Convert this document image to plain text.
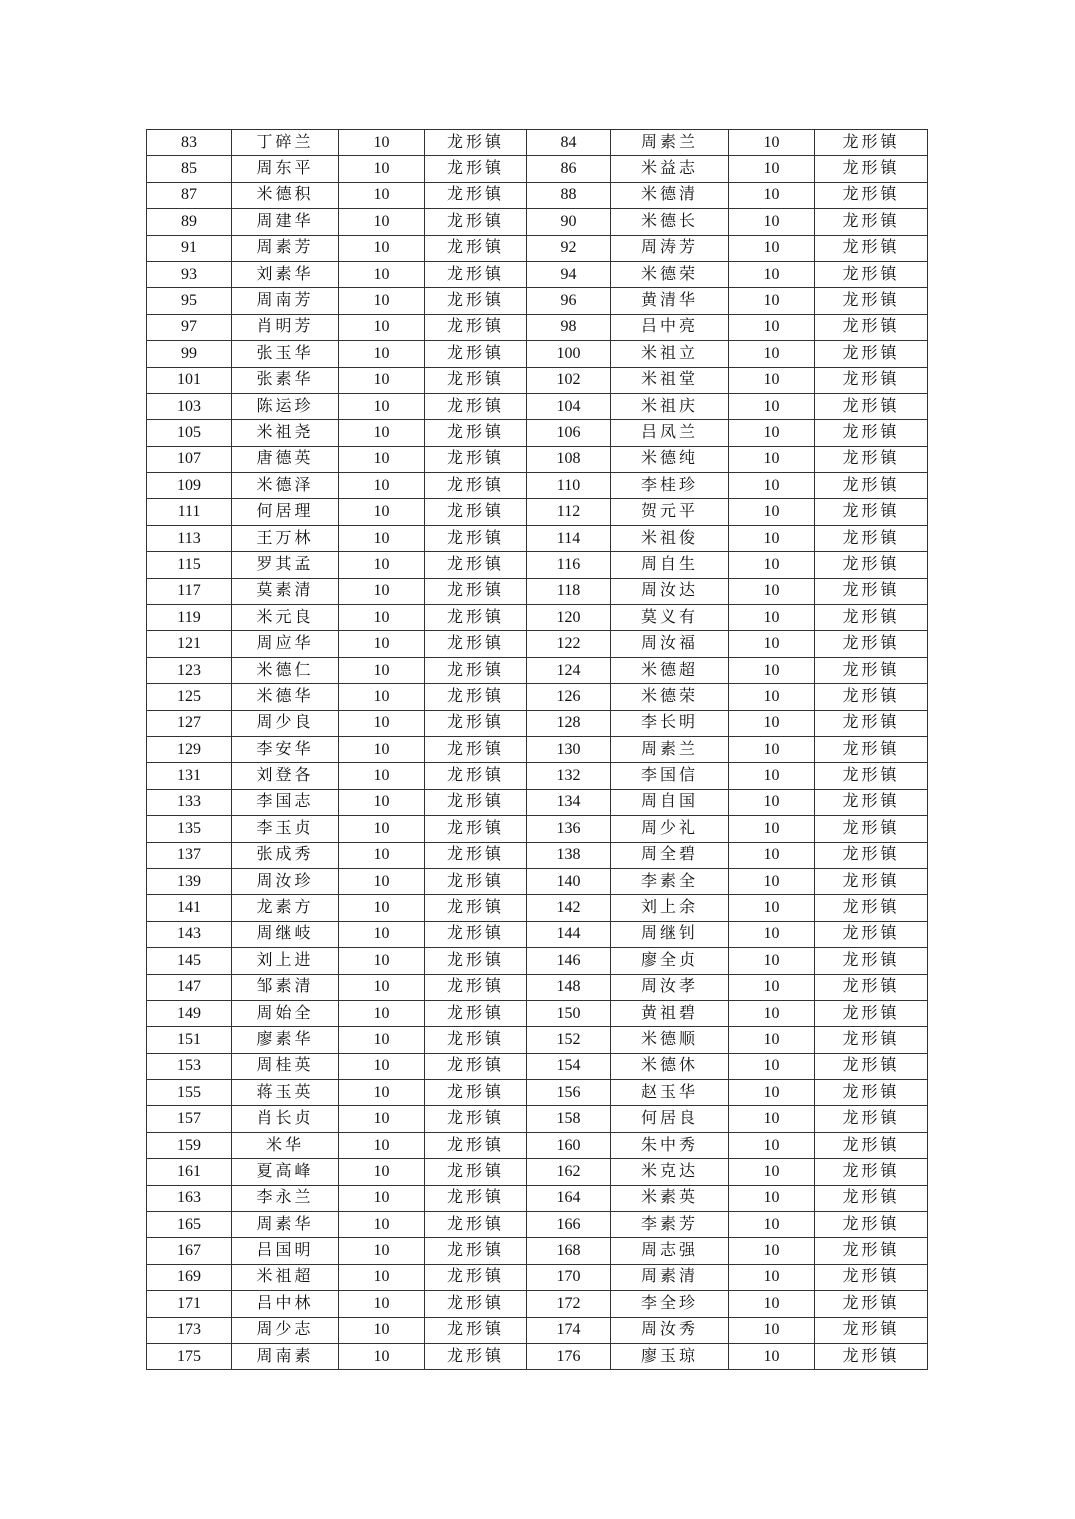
83	丁碎兰	10	龙形镇	84	周素兰	10	龙形镇
85	周东平	10	龙形镇	86	米益志	10	龙形镇
87	米德积	10	龙形镇	88	米德清	10	龙形镇
89	周建华	10	龙形镇	90	米德长	10	龙形镇
91	周素芳	10	龙形镇	92	周涛芳	10	龙形镇
93	刘素华	10	龙形镇	94	米德荣	10	龙形镇
95	周南芳	10	龙形镇	96	黄清华	10	龙形镇
97	肖明芳	10	龙形镇	98	吕中亮	10	龙形镇
99	张玉华	10	龙形镇	100	米祖立	10	龙形镇
101	张素华	10	龙形镇	102	米祖堂	10	龙形镇
103	陈运珍	10	龙形镇	104	米祖庆	10	龙形镇
105	米祖尧	10	龙形镇	106	吕凤兰	10	龙形镇
107	唐德英	10	龙形镇	108	米德纯	10	龙形镇
109	米德泽	10	龙形镇	110	李桂珍	10	龙形镇
111	何居理	10	龙形镇	112	贺元平	10	龙形镇
113	王万林	10	龙形镇	114	米祖俊	10	龙形镇
115	罗其孟	10	龙形镇	116	周自生	10	龙形镇
117	莫素清	10	龙形镇	118	周汝达	10	龙形镇
119	米元良	10	龙形镇	120	莫义有	10	龙形镇
121	周应华	10	龙形镇	122	周汝福	10	龙形镇
123	米德仁	10	龙形镇	124	米德超	10	龙形镇
125	米德华	10	龙形镇	126	米德荣	10	龙形镇
127	周少良	10	龙形镇	128	李长明	10	龙形镇
129	李安华	10	龙形镇	130	周素兰	10	龙形镇
131	刘登各	10	龙形镇	132	李国信	10	龙形镇
133	李国志	10	龙形镇	134	周自国	10	龙形镇
135	李玉贞	10	龙形镇	136	周少礼	10	龙形镇
137	张成秀	10	龙形镇	138	周全碧	10	龙形镇
139	周汝珍	10	龙形镇	140	李素全	10	龙形镇
141	龙素方	10	龙形镇	142	刘上余	10	龙形镇
143	周继岐	10	龙形镇	144	周继钊	10	龙形镇
145	刘上进	10	龙形镇	146	廖全贞	10	龙形镇
147	邹素清	10	龙形镇	148	周汝孝	10	龙形镇
149	周始全	10	龙形镇	150	黄祖碧	10	龙形镇
151	廖素华	10	龙形镇	152	米德顺	10	龙形镇
153	周桂英	10	龙形镇	154	米德休	10	龙形镇
155	蒋玉英	10	龙形镇	156	赵玉华	10	龙形镇
157	肖长贞	10	龙形镇	158	何居良	10	龙形镇
159	米华	10	龙形镇	160	朱中秀	10	龙形镇
161	夏高峰	10	龙形镇	162	米克达	10	龙形镇
163	李永兰	10	龙形镇	164	米素英	10	龙形镇
165	周素华	10	龙形镇	166	李素芳	10	龙形镇
167	吕国明	10	龙形镇	168	周志强	10	龙形镇
169	米祖超	10	龙形镇	170	周素清	10	龙形镇
171	吕中林	10	龙形镇	172	李全珍	10	龙形镇
173	周少志	10	龙形镇	174	周汝秀	10	龙形镇
175	周南素	10	龙形镇	176	廖玉琼	10	龙形镇
